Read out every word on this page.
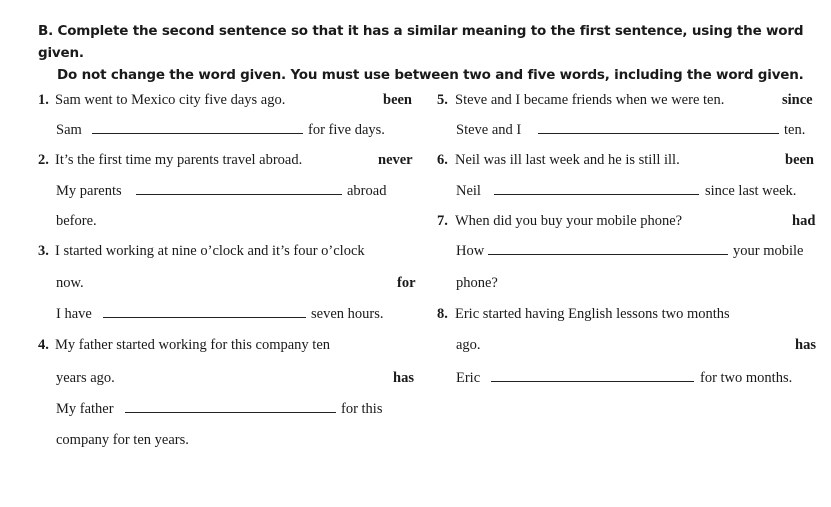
B. Complete the second sentence so that it has a similar meaning to the first sentence, using the word given.
Do not change the word given. You must use between two and five words, including the word given.
1. Sam went to Mexico city five days ago.	been
Sam	for five days.
2. It’s the first time my parents travel abroad.	never
My parents	abroad
before.
3. I started working at nine o’clock and it’s four o’clock
now.	for
I have	seven hours.
4. My father started working for this company ten
years ago.	has
My father	for this
company for ten years.
5. Steve and I became friends when we were ten.	since
Steve and I	ten.
6. Neil was ill last week and he is still ill.	been
Neil	since last week.
7. When did you buy your mobile phone?	had
How	your mobile
phone?
8. Eric started having English lessons two months
ago.	has
Eric	for two months.
